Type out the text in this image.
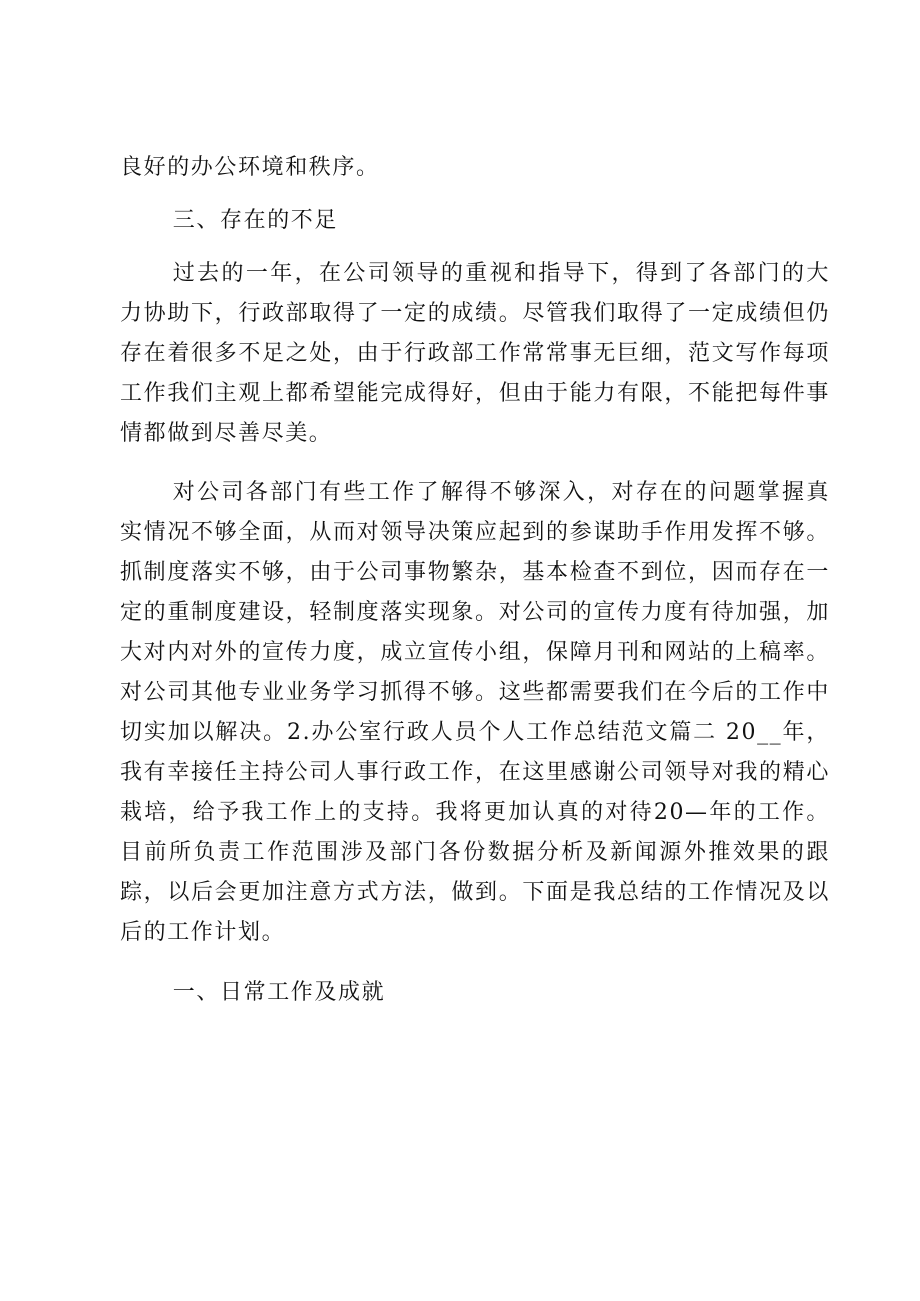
良好的办公环境和秩序。

三、存在的不足

过去的一年，在公司领导的重视和指导下，得到了各部门的大力协助下，行政部取得了一定的成绩。尽管我们取得了一定成绩但仍存在着很多不足之处，由于行政部工作常常事无巨细，范文写作每项工作我们主观上都希望能完成得好，但由于能力有限，不能把每件事情都做到尽善尽美。

对公司各部门有些工作了解得不够深入，对存在的问题掌握真实情况不够全面，从而对领导决策应起到的参谋助手作用发挥不够。抓制度落实不够，由于公司事物繁杂，基本检查不到位，因而存在一定的重制度建设，轻制度落实现象。对公司的宣传力度有待加强，加大对内对外的宣传力度，成立宣传小组，保障月刊和网站的上稿率。对公司其他专业业务学习抓得不够。这些都需要我们在今后的工作中切实加以解决。2.办公室行政人员个人工作总结范文篇二 20__年，我有幸接任主持公司人事行政工作，在这里感谢公司领导对我的精心栽培，给予我工作上的支持。我将更加认真的对待20—年的工作。目前所负责工作范围涉及部门各份数据分析及新闻源外推效果的跟踪，以后会更加注意方式方法，做到。下面是我总结的工作情况及以后的工作计划。

一、日常工作及成就
